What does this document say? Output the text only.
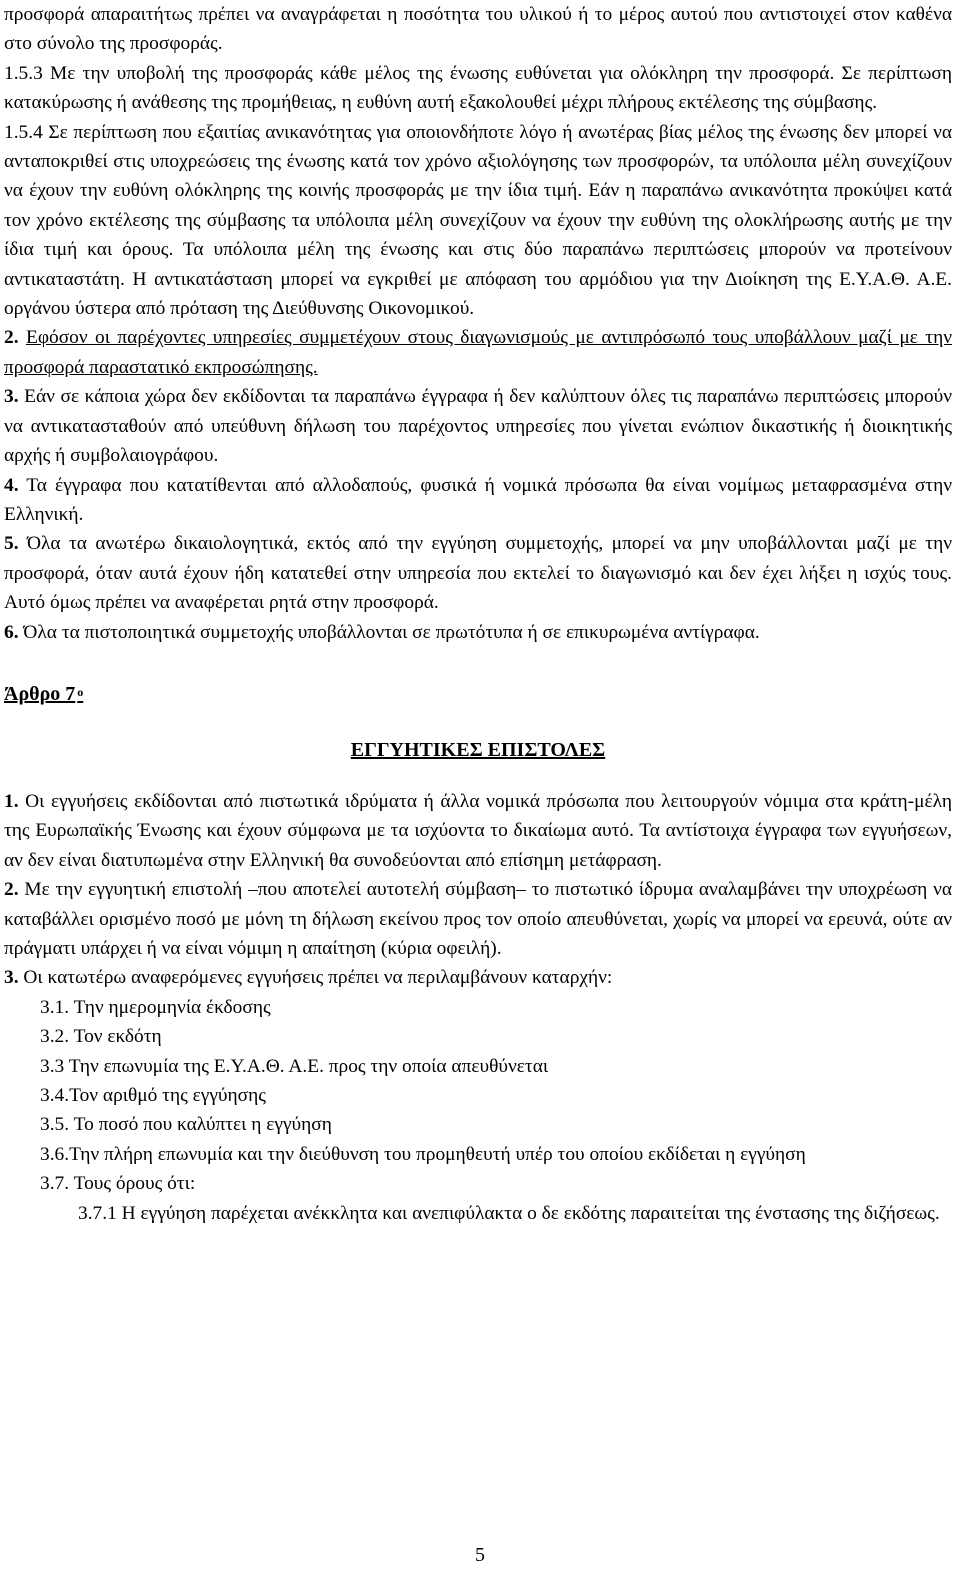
προσφορά απαραιτήτως πρέπει να αναγράφεται η ποσότητα του υλικού ή το μέρος αυτού που αντιστοιχεί στον καθένα στο σύνολο της προσφοράς.

1.5.3 Με την υποβολή της προσφοράς κάθε μέλος της ένωσης ευθύνεται για ολόκληρη την προσφορά. Σε περίπτωση κατακύρωσης ή ανάθεσης της προμήθειας, η ευθύνη αυτή εξακολουθεί μέχρι πλήρους εκτέλεσης της σύμβασης.

1.5.4 Σε περίπτωση που εξαιτίας ανικανότητας για οποιονδήποτε λόγο ή ανωτέρας βίας μέλος της ένωσης δεν μπορεί να ανταποκριθεί στις υποχρεώσεις της ένωσης κατά τον χρόνο αξιολόγησης των προσφορών, τα υπόλοιπα μέλη συνεχίζουν να έχουν την ευθύνη ολόκληρης της κοινής προσφοράς με την ίδια τιμή. Εάν η παραπάνω ανικανότητα προκύψει κατά τον χρόνο εκτέλεσης της σύμβασης τα υπόλοιπα μέλη συνεχίζουν να έχουν την ευθύνη της ολοκλήρωσης αυτής με την ίδια τιμή και όρους. Τα υπόλοιπα μέλη της ένωσης και στις δύο παραπάνω περιπτώσεις μπορούν να προτείνουν αντικαταστάτη. Η αντικατάσταση μπορεί να εγκριθεί με απόφαση του αρμόδιου για την Διοίκηση της Ε.Υ.Α.Θ. Α.Ε. οργάνου ύστερα από πρόταση της Διεύθυνσης Οικονομικού.

2. Εφόσον οι παρέχοντες υπηρεσίες συμμετέχουν στους διαγωνισμούς με αντιπρόσωπό τους υποβάλλουν μαζί με την προσφορά παραστατικό εκπροσώπησης.

3. Εάν σε κάποια χώρα δεν εκδίδονται τα παραπάνω έγγραφα ή δεν καλύπτουν όλες τις παραπάνω περιπτώσεις μπορούν να αντικατασταθούν από υπεύθυνη δήλωση του παρέχοντος υπηρεσίες που γίνεται ενώπιον δικαστικής ή διοικητικής αρχής ή συμβολαιογράφου.

4. Τα έγγραφα που κατατίθενται από αλλοδαπούς, φυσικά ή νομικά πρόσωπα θα είναι νομίμως μεταφρασμένα στην Ελληνική.

5. Όλα τα ανωτέρω δικαιολογητικά, εκτός από την εγγύηση συμμετοχής, μπορεί να μην υποβάλλονται μαζί με την προσφορά, όταν αυτά έχουν ήδη κατατεθεί στην υπηρεσία που εκτελεί το διαγωνισμό και δεν έχει λήξει η ισχύς τους. Αυτό όμως πρέπει να αναφέρεται ρητά στην προσφορά.

6. Όλα τα πιστοποιητικά συμμετοχής υποβάλλονται σε πρωτότυπα ή σε επικυρωμένα αντίγραφα.

Άρθρο 7 $^o$
ΕΓΓΥΗΤΙΚΕΣ ΕΠΙΣΤΟΛΕΣ

1. Οι εγγυήσεις εκδίδονται από πιστωτικά ιδρύματα ή άλλα νομικά πρόσωπα που λειτουργούν νόμιμα στα κράτη-μέλη της Ευρωπαϊκής Ένωσης και έχουν σύμφωνα με τα ισχύοντα το δικαίωμα αυτό. Τα αντίστοιχα έγγραφα των εγγυήσεων, αν δεν είναι διατυπωμένα στην Ελληνική θα συνοδεύονται από επίσημη μετάφραση.

2. Με την εγγυητική επιστολή –που αποτελεί αυτοτελή σύμβαση– το πιστωτικό ίδρυμα αναλαμβάνει την υποχρέωση να καταβάλλει ορισμένο ποσό με μόνη τη δήλωση εκείνου προς τον οποίο απευθύνεται, χωρίς να μπορεί να ερευνά, ούτε αν πράγματι υπάρχει ή να είναι νόμιμη η απαίτηση (κύρια οφειλή).

3. Οι κατωτέρω αναφερόμενες εγγυήσεις πρέπει να περιλαμβάνουν καταρχήν:

3.1. Την ημερομηνία έκδοσης

3.2. Τον εκδότη

3.3 Την επωνυμία της Ε.Υ.Α.Θ. Α.Ε. προς την οποία απευθύνεται

3.4.Τον αριθμό της εγγύησης

3.5. Το ποσό που καλύπτει η εγγύηση

3.6.Την πλήρη επωνυμία και την διεύθυνση του προμηθευτή υπέρ του οποίου εκδίδεται η εγγύηση

3.7. Τους όρους ότι:

3.7.1 Η εγγύηση παρέχεται ανέκκλητα και ανεπιφύλακτα ο δε εκδότης παραιτείται της ένστασης της διζήσεως.

5
